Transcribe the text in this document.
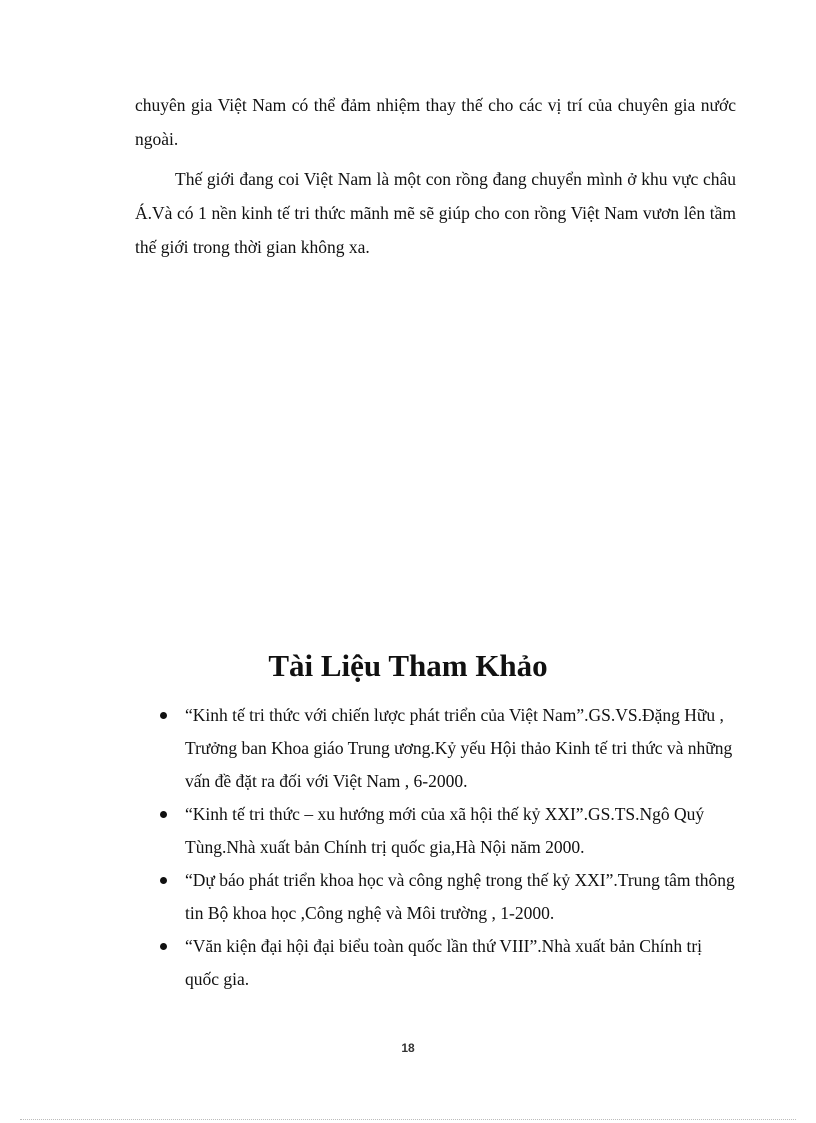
chuyên gia Việt Nam có thể đảm nhiệm thay thế cho các vị trí của chuyên gia nước ngoài.

Thế giới đang coi Việt Nam là một con rồng đang chuyển mình ở khu vực châu Á.Và có 1 nền kinh tế tri thức mãnh mẽ sẽ giúp cho con rồng Việt Nam vươn lên tầm thế giới trong thời gian không xa.

Tài Liệu Tham Khảo
“Kinh tế tri thức với chiến lược phát triển của Việt Nam”.GS.VS.Đặng Hữu , Trưởng ban Khoa giáo Trung ương.Kỷ yếu Hội thảo Kinh tế tri thức và những vấn đề đặt ra đối với Việt Nam , 6-2000.
“Kinh tế tri thức – xu hướng mới của xã hội thế kỷ XXI”.GS.TS.Ngô Quý Tùng.Nhà xuất bản Chính trị quốc gia,Hà Nội năm 2000.
“Dự báo phát triển khoa học và công nghệ trong thế kỷ XXI”.Trung tâm thông tin Bộ khoa học ,Công nghệ và Môi trường , 1-2000.
“Văn kiện đại hội đại biểu toàn quốc lần thứ VIII”.Nhà xuất bản Chính trị quốc gia.
18
